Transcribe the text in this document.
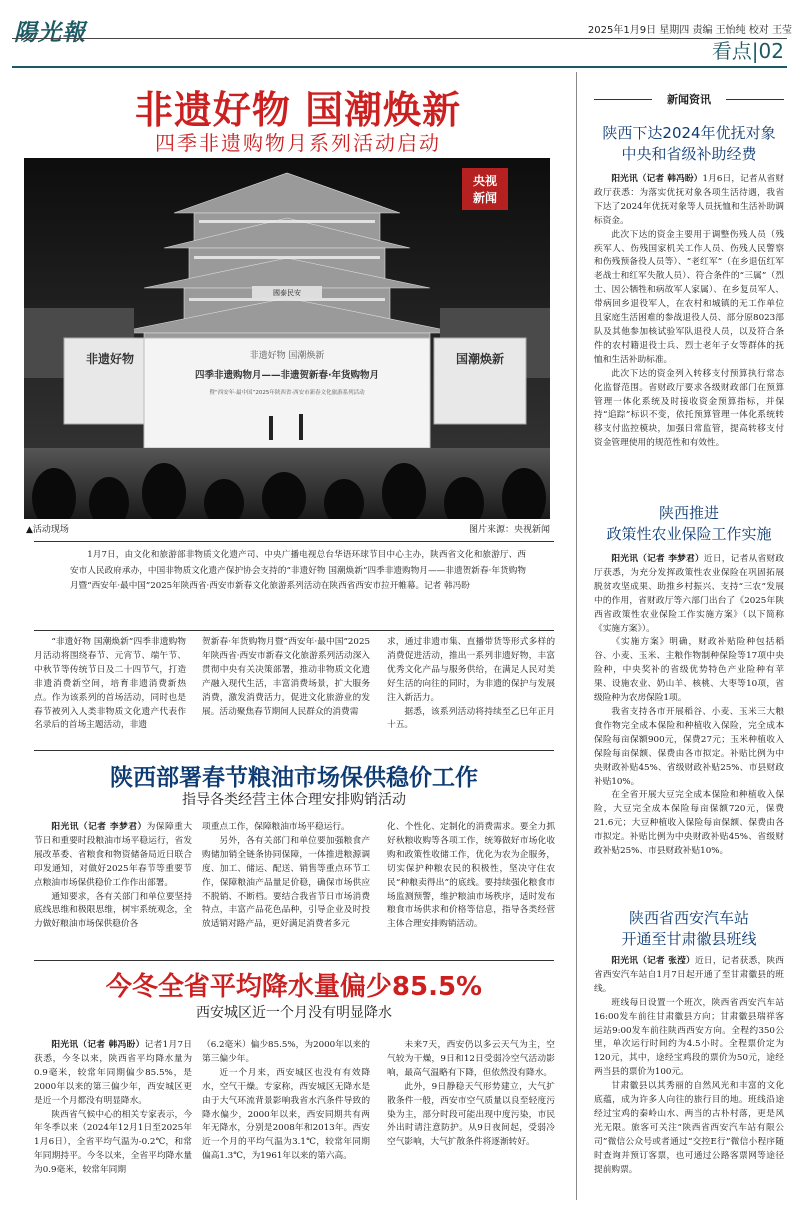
陽光報	2025年1月9日 星期四 责编 王怡纯 校对 王莹
看点|02
非遗好物 国潮焕新
四季非遗购物月系列活动启动
國泰民安
非遗好物	国潮焕新
非遗好物 国潮焕新
四季非遗购物月——非遗贺新春·年货购物月
暨“西安年·最中国”2025年陕西省·西安市新春文化旅游系列活动
央视
新闻
▲活动现场	图片来源：央视新闻
1月7日，由文化和旅游部非物质文化遗产司、中央广播电视总台华语环球节目中心主办，陕西省文化和旅游厅、西安市人民政府承办，中国非物质文化遗产保护协会支持的“非遗好物 国潮焕新”四季非遗购物月——非遗贺新春·年货购物月暨“西安年·最中国”2025年陕西省·西安市新春文化旅游系列活动在陕西省西安市拉开帷幕。记者 韩冯盼
“非遗好物 国潮焕新”四季非遗购物月活动将围绕春节、元宵节、端午节、中秋节等传统节日及二十四节气，打造非遗消费新空间，培育非遗消费新热点。作为该系列的首场活动，同时也是春节被列入人类非物质文化遗产代表作名录后的首场主题活动，非遗
贺新春·年货购物月暨“西安年·最中国”2025年陕西省·西安市新春文化旅游系列活动深入贯彻中央有关决策部署，推动非物质文化遗产融入现代生活，丰富消费场景，扩大服务消费，激发消费活力，促进文化旅游业的发展。活动聚焦春节期间人民群众的消费需
求，通过非遗市集、直播带货等形式多样的消费促进活动，推出一系列非遗好物，丰富优秀文化产品与服务供给，在满足人民对美好生活的向往的同时，为非遗的保护与发展注入新活力。
据悉，该系列活动将持续至乙巳年正月十五。
陕西部署春节粮油市场保供稳价工作
指导各类经营主体合理安排购销活动
阳光讯（记者 李梦君）为保障重大节日和重要时段粮油市场平稳运行，省发展改革委、省粮食和物资储备局近日联合印发通知，对做好2025年春节等重要节点粮油市场保供稳价工作作出部署。
通知要求，各有关部门和单位要坚持底线思维和极限思维，树牢系统观念，全力做好粮油市场保供稳价各
项重点工作，保障粮油市场平稳运行。
另外，各有关部门和单位要加强粮食产购储加销全链条协同保障，一体推进粮源调度、加工、储运、配送、销售等重点环节工作，保障粮油产品量足价稳，确保市场供应不脱销、不断档。要结合我省节日市场消费特点，丰富产品花色品种，引导企业及时投放适销对路产品，更好满足消费者多元
化、个性化、定制化的消费需求。要全力抓好秋粮收购等各项工作，统筹做好市场化收购和政策性收储工作，优化为农为企服务，切实保护种粮农民的积极性，坚决守住农民“种粮卖得出”的底线。要持续强化粮食市场监测预警，维护粮油市场秩序，适时发布粮食市场供求和价格等信息，指导各类经营主体合理安排购销活动。
今冬全省平均降水量偏少85.5%
西安城区近一个月没有明显降水
阳光讯（记者 韩冯盼）记者1月7日获悉，今冬以来，陕西省平均降水量为0.9毫米，较常年同期偏少85.5%，是2000年以来的第三偏少年，西安城区更是近一个月都没有明显降水。
陕西省气候中心的相关专家表示，今年冬季以来（2024年12月1日至2025年1月6日），全省平均气温为-0.2℃，和常年同期持平。今冬以来，全省平均降水量为0.9毫米，较常年同期
（6.2毫米）偏少85.5%，为2000年以来的第三偏少年。
近一个月来，西安城区也没有有效降水，空气干燥。专家称，西安城区无降水是由于大气环流背景影响我省水汽条件导致的降水偏少，2000年以来，西安同期共有两年无降水，分别是2008年和2013年。西安近一个月的平均气温为3.1℃，较常年同期偏高1.3℃，为1961年以来的第六高。
未来7天，西安仍以多云天气为主，空气较为干燥，9日和12日受弱冷空气活动影响，最高气温略有下降，但依然没有降水。
此外，9日静稳天气形势建立，大气扩散条件一般，西安市空气质量以良至轻度污染为主，部分时段可能出现中度污染，市民外出时请注意防护。从9日夜间起，受弱冷空气影响，大气扩散条件将逐渐转好。
新闻资讯
陕西下达2024年优抚对象
中央和省级补助经费
阳光讯（记者 韩冯盼）1月6日，记者从省财政厅获悉：为落实优抚对象各项生活待遇，我省下达了2024年优抚对象等人员抚恤和生活补助调标资金。
此次下达的资金主要用于调整伤残人员（残疾军人、伤残国家机关工作人员、伤残人民警察和伤残预备役人员等）、“老红军”（在乡退伍红军老战士和红军失散人员）、符合条件的“三属”（烈士、因公牺牲和病故军人家属）、在乡复员军人、带病回乡退役军人，在农村和城镇的无工作单位且家庭生活困难的参战退役人员、部分原8023部队及其他参加核试验军队退役人员，以及符合条件的农村籍退役士兵、烈士老年子女等群体的抚恤和生活补助标准。
此次下达的资金列入转移支付预算执行常态化监督范围。省财政厅要求各级财政部门在预算管理一体化系统及时接收资金预算指标，并保持“追踪”标识不变，依托预算管理一体化系统转移支付监控模块，加强日常监管，提高转移支付资金管理使用的规范性和有效性。
陕西推进
政策性农业保险工作实施
阳光讯（记者 李梦君）近日，记者从省财政厅获悉，为充分发挥政策性农业保险在巩固拓展脱贫攻坚成果、助推乡村振兴、支持“三农”发展中的作用，省财政厅等六部门出台了《2025年陕西省政策性农业保险工作实施方案》（以下简称《实施方案》）。
《实施方案》明确，财政补贴险种包括稻谷、小麦、玉米、主粮作物制种保险等17项中央险种，中央奖补的省级优势特色产业险种有苹果、设施农业、奶山羊、核桃、大枣等10项，省级险种为农房保险1项。
我省支持各市开展稻谷、小麦、玉米三大粮食作物完全成本保险和种植收入保险，完全成本保险每亩保额900元，保费27元；玉米种植收入保险每亩保额、保费由各市拟定。补贴比例为中央财政补贴45%、省级财政补贴25%、市县财政补贴10%。
在全省开展大豆完全成本保险和种植收入保险，大豆完全成本保险每亩保额720元，保费21.6元；大豆种植收入保险每亩保额、保费由各市拟定。补贴比例为中央财政补贴45%、省级财政补贴25%、市县财政补贴10%。
陕西省西安汽车站
开通至甘肃徽县班线
阳光讯（记者 张滢）近日，记者获悉，陕西省西安汽车站自1月7日起开通了至甘肃徽县的班线。
班线每日设置一个班次，陕西省西安汽车站16:00发车前往甘肃徽县方向；甘肃徽县瑞祥客运站9:00发车前往陕西西安方向。全程约350公里，单次运行时间约为4.5小时。全程票价定为120元，其中，途经宝鸡段的票价为50元，途经两当县的票价为100元。
甘肃徽县以其秀丽的自然风光和丰富的文化底蕴，成为许多人向往的旅行目的地。班线沿途经过宝鸡的秦岭山水、两当的古朴村落，更是风光无限。旅客可关注“陕西省西安汽车站有限公司”微信公众号或者通过“交控E行”微信小程序随时查询并预订客票，也可通过公路客票网等途径提前购票。
